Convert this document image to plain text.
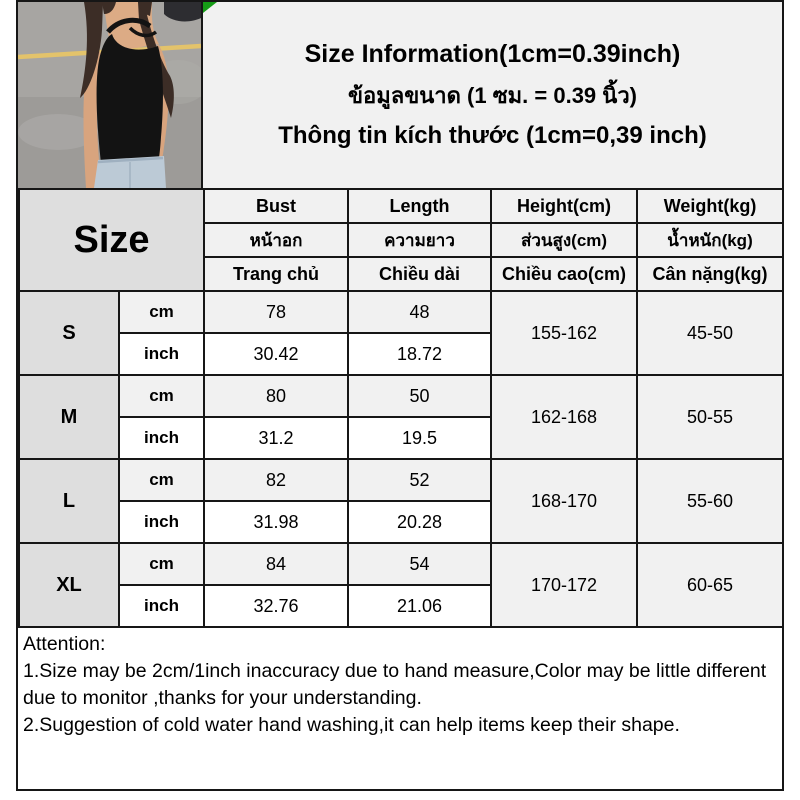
Size Information(1cm=0.39inch)
ข้อมูลขนาด (1 ซม. = 0.39 นิ้ว)
Thông tin kích thước (1cm=0,39 inch)
Size		Bust	Length	Height(cm)	Weight(kg)
		หน้าอก	ความยาว	ส่วนสูง(cm)	น้ำหนัก(kg)
		Trang chủ	Chiều dài	Chiều cao(cm)	Cân nặng(kg)
S	cm	78	48	155-162	45-50
	inch	30.42	18.72		
M	cm	80	50	162-168	50-55
	inch	31.2	19.5		
L	cm	82	52	168-170	55-60
	inch	31.98	20.28		
XL	cm	84	54	170-172	60-65
	inch	32.76	21.06		
Attention:
1.Size may be 2cm/1inch inaccuracy due to hand measure,Color may be little different due to monitor ,thanks for your understanding.
2.Suggestion of cold water hand washing,it can help items keep their shape.
